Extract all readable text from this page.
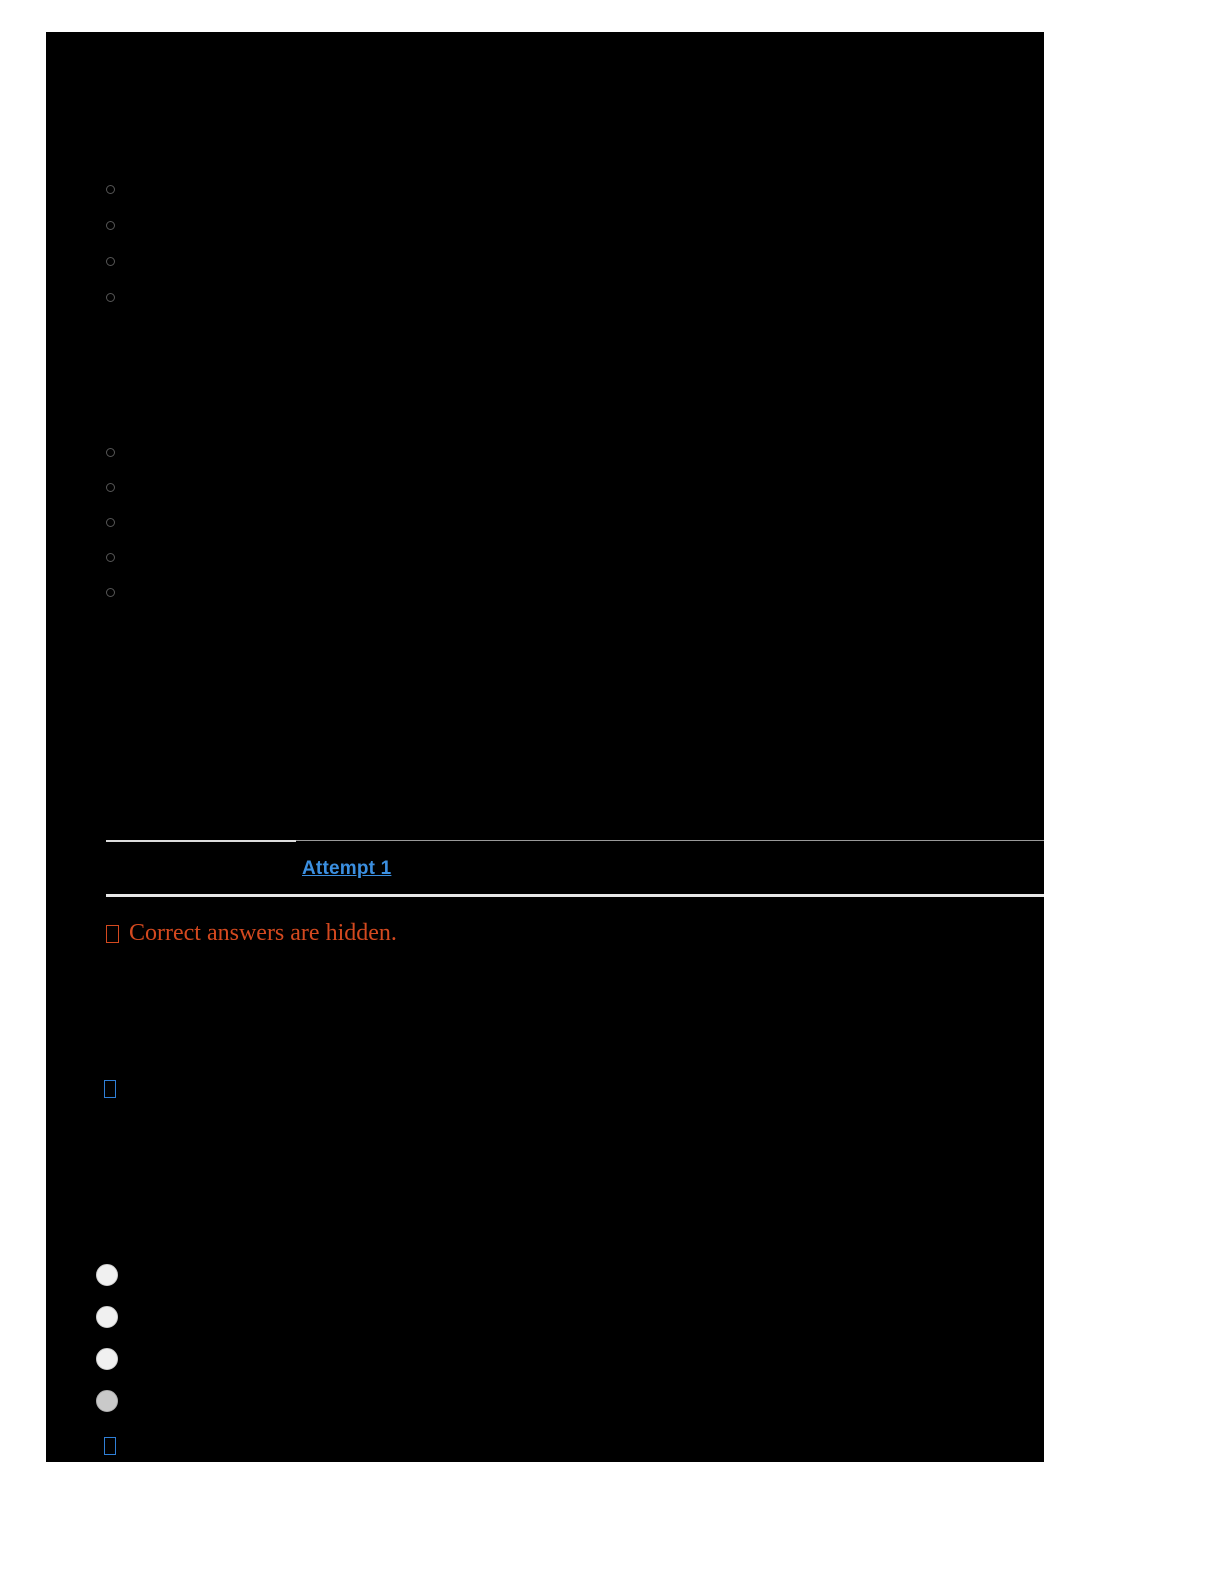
Attempt 1
Correct answers are hidden.
